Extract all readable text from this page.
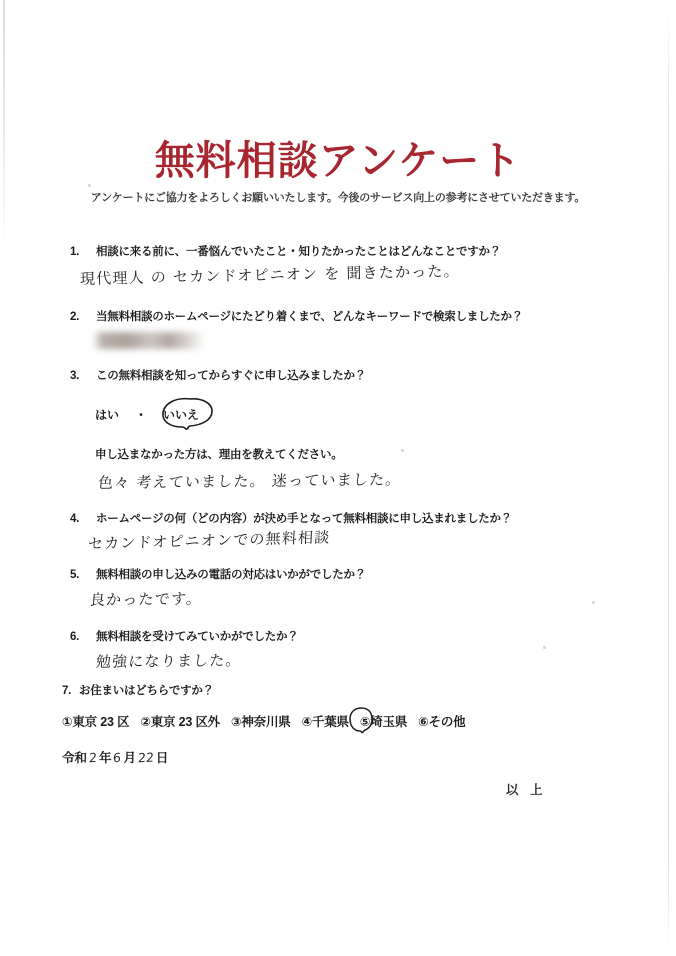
無料相談アンケート
アンケートにご協力をよろしくお願いいたします。今後のサービス向上の参考にさせていただきます。
1. 相談に来る前に、一番悩んでいたこと・知りたかったことはどんなことですか？
現代理人 の セカンドオピニオン を 聞きたかった。
2. 当無料相談のホームページにたどり着くまで、どんなキーワードで検索しましたか？
3. この無料相談を知ってからすぐに申し込みましたか？
はい ・ いいえ
申し込まなかった方は、理由を教えてください。
色々 考えていました。 迷っていました。
4. ホームページの何（どの内容）が決め手となって無料相談に申し込まれましたか？
セカンドオピニオンでの無料相談
5. 無料相談の申し込みの電話の対応はいかがでしたか？
良かったです。
6. 無料相談を受けてみていかがでしたか？
勉強になりました。
7. お住まいはどちらですか？
①東京 23 区 ②東京 23 区外 ③神奈川県 ④千葉県 ⑤埼玉県 ⑥その他
令和 2 年 6 月 22 日
以 上
